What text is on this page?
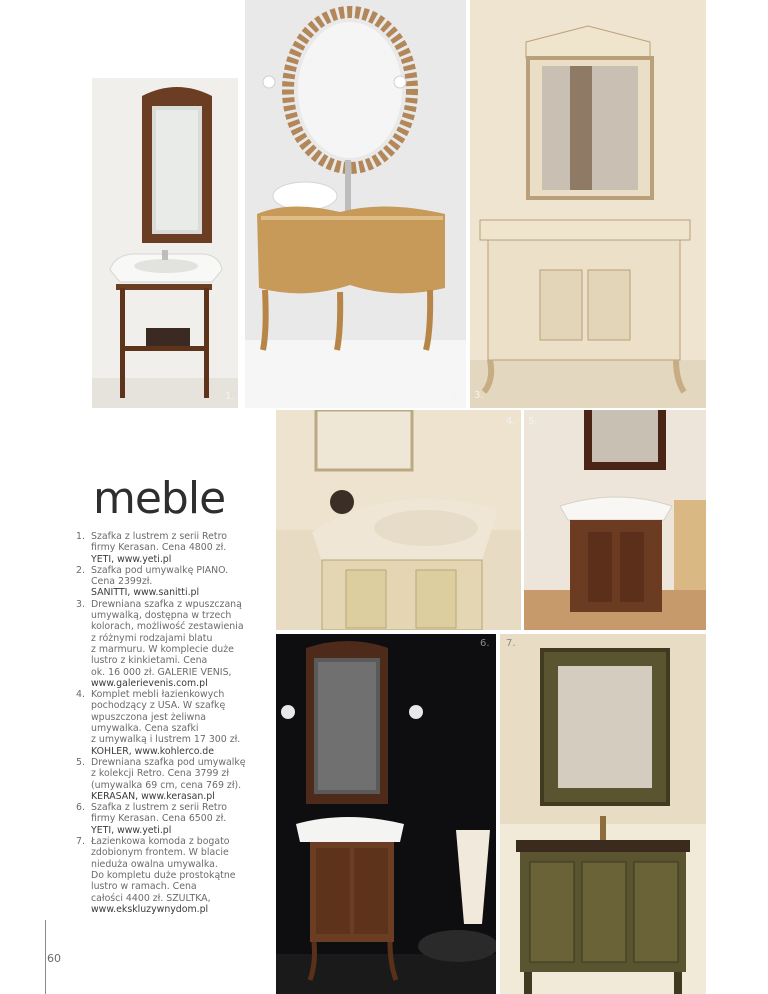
1.	2. 3.
4. 5.
6. 7.
meble
1. Szafka z lustrem z serii Retro
firmy Kerasan. Cena 4800 zł.
YETI, www.yeti.pl
2. Szafka pod umywalkę PIANO.
Cena 2399zł.
SANITTI, www.sanitti.pl
3. Drewniana szafka z wpuszczaną
umywalką, dostępna w trzech
kolorach, możliwość zestawienia
z różnymi rodzajami blatu
z marmuru. W komplecie duże
lustro z kinkietami. Cena
ok. 16 000 zł. GALERIE VENIS,
www.galerievenis.com.pl
4. Komplet mebli łazienkowych
pochodzący z USA. W szafkę
wpuszczona jest żeliwna
umywalka. Cena szafki
z umywalką i lustrem 17 300 zł.
KOHLER, www.kohlerco.de
5. Drewniana szafka pod umywalkę
z kolekcji Retro. Cena 3799 zł
(umywalka 69 cm, cena 769 zł).
KERASAN, www.kerasan.pl
6. Szafka z lustrem z serii Retro
firmy Kerasan. Cena 6500 zł.
YETI, www.yeti.pl
7. Łazienkowa komoda z bogato
zdobionym frontem. W blacie
nieduża owalna umywalka.
Do kompletu duże prostokątne
lustro w ramach. Cena
całości 4400 zł. SZULTKA,
www.ekskluzywnydom.pl
60
